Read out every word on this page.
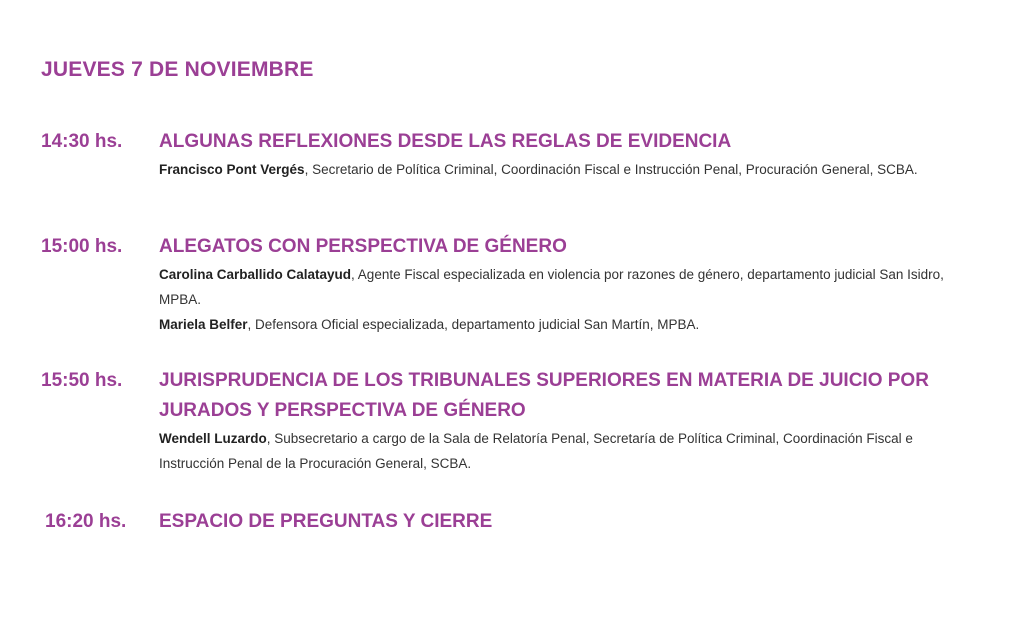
JUEVES 7 DE NOVIEMBRE
14:30 hs. ALGUNAS REFLEXIONES DESDE LAS REGLAS DE EVIDENCIA
Francisco Pont Vergés, Secretario de Política Criminal, Coordinación Fiscal e Instrucción Penal, Procuración General, SCBA.
15:00 hs. ALEGATOS CON PERSPECTIVA DE GÉNERO
Carolina Carballido Calatayud, Agente Fiscal especializada en violencia por razones de género, departamento judicial San Isidro, MPBA.
Mariela Belfer, Defensora Oficial especializada, departamento judicial San Martín, MPBA.
15:50 hs. JURISPRUDENCIA DE LOS TRIBUNALES SUPERIORES EN MATERIA DE JUICIO POR JURADOS Y PERSPECTIVA DE GÉNERO
Wendell Luzardo, Subsecretario a cargo de la Sala de Relatoría Penal, Secretaría de Política Criminal, Coordinación Fiscal e Instrucción Penal de la Procuración General, SCBA.
16:20 hs. ESPACIO DE PREGUNTAS Y CIERRE
